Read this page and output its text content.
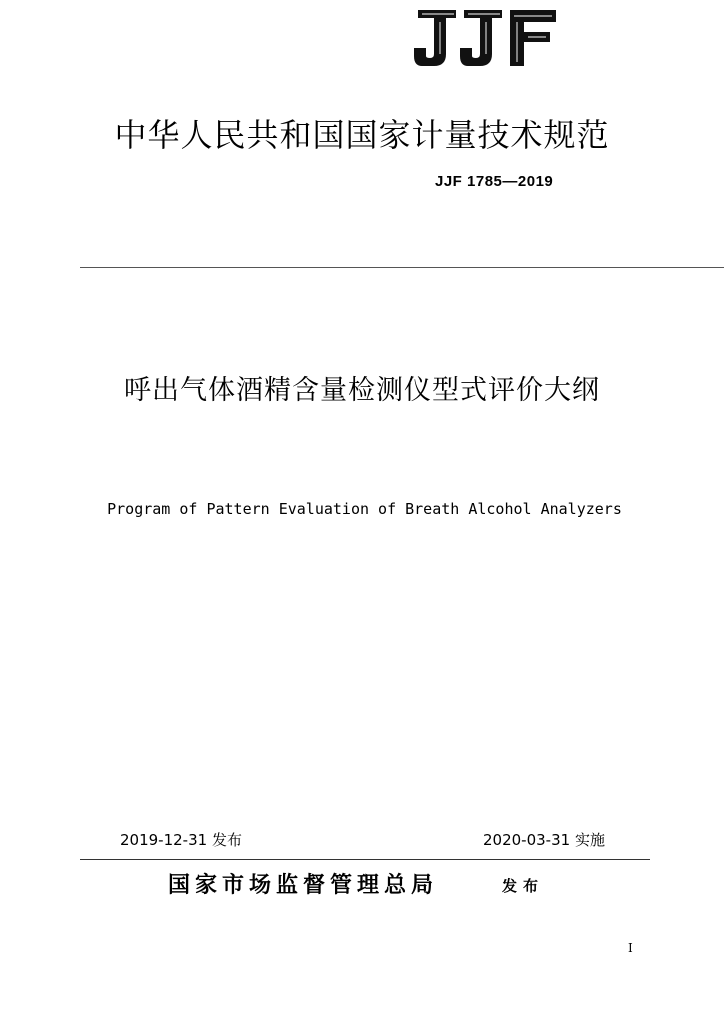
中华人民共和国国家计量技术规范
JJF 1785—2019
呼出气体酒精含量检测仪型式评价大纲
Program of Pattern Evaluation of Breath Alcohol Analyzers
2019-12-31 发布	2020-03-31 实施
国家市场监督管理总局	发布
I
